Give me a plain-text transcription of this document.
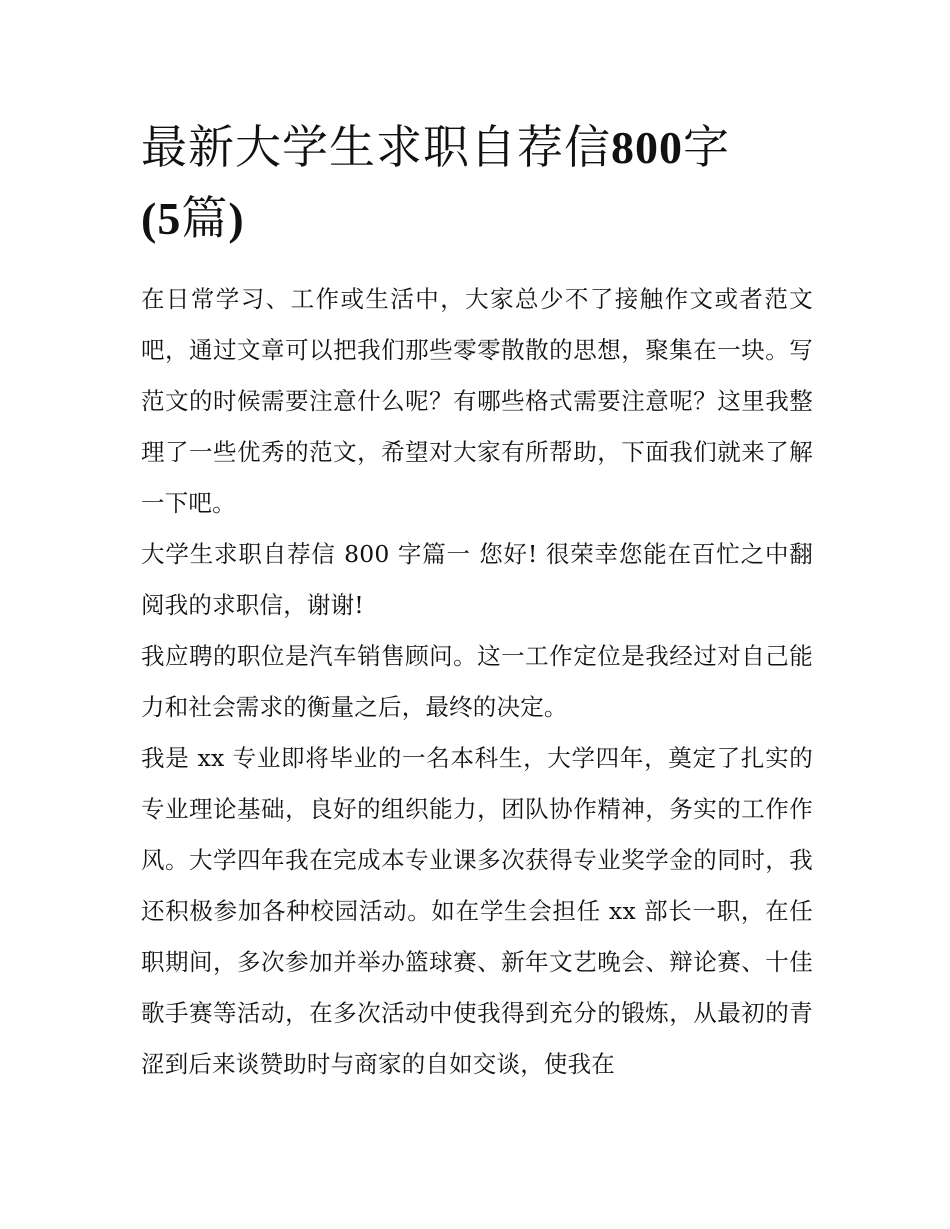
最新大学生求职自荐信800字
(5篇)

在日常学习、工作或生活中，大家总少不了接触作文或者范文吧，通过文章可以把我们那些零零散散的思想，聚集在一块。写范文的时候需要注意什么呢？有哪些格式需要注意呢？这里我整理了一些优秀的范文，希望对大家有所帮助，下面我们就来了解一下吧。

大学生求职自荐信 800 字篇一 您好! 很荣幸您能在百忙之中翻阅我的求职信，谢谢!

我应聘的职位是汽车销售顾问。这一工作定位是我经过对自己能力和社会需求的衡量之后，最终的决定。

我是 xx 专业即将毕业的一名本科生，大学四年，奠定了扎实的专业理论基础，良好的组织能力，团队协作精神，务实的工作作风。大学四年我在完成本专业课多次获得专业奖学金的同时，我还积极参加各种校园活动。如在学生会担任 xx 部长一职，在任职期间，多次参加并举办篮球赛、新年文艺晚会、辩论赛、十佳歌手赛等活动，在多次活动中使我得到充分的锻炼，从最初的青涩到后来谈赞助时与商家的自如交谈，使我在
